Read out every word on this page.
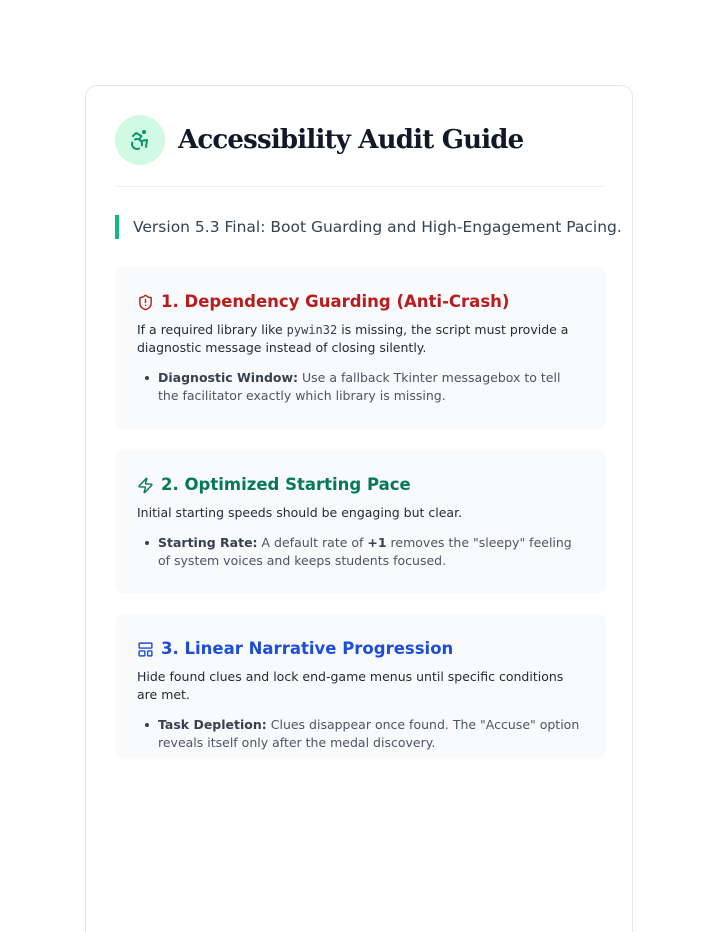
Accessibility Audit Guide
Version 5.3 Final: Boot Guarding and High-Engagement Pacing.
1. Dependency Guarding (Anti-Crash)

If a required library like pywin32 is missing, the script must provide a diagnostic message instead of closing silently.

Diagnostic Window: Use a fallback Tkinter messagebox to tell the facilitator exactly which library is missing.
2. Optimized Starting Pace

Initial starting speeds should be engaging but clear.

Starting Rate: A default rate of +1 removes the "sleepy" feeling of system voices and keeps students focused.
3. Linear Narrative Progression

Hide found clues and lock end-game menus until specific conditions are met.

Task Depletion: Clues disappear once found. The "Accuse" option reveals itself only after the medal discovery.
